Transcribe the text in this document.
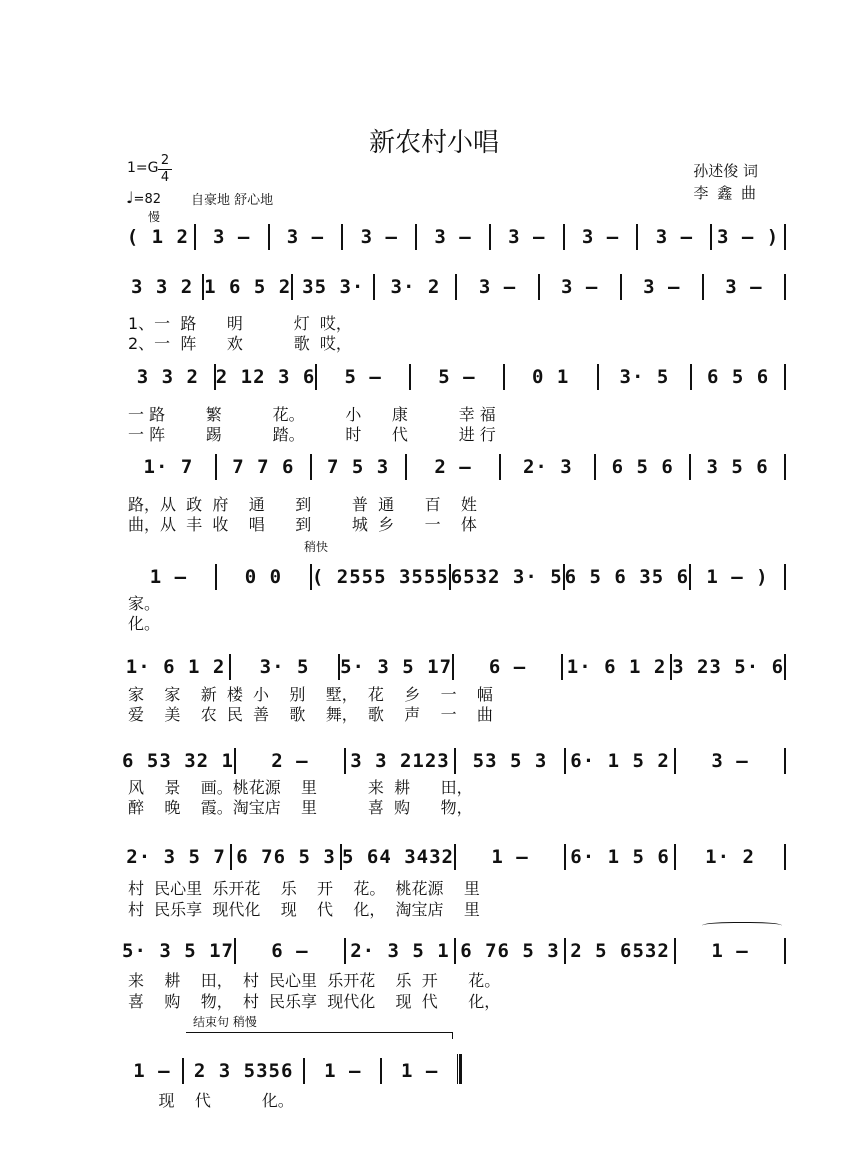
新农村小唱
1=G 2
4
♩=82 自豪地 舒心地
孙述俊 词
李 鑫 曲
慢
稍快
结束句 稍慢
( 1 2	3 –	3 –	3 –	3 –	3 –	3 –	3 –	3 – )
3 3 2 1 6 5 2 35 3·	3· 2	3 –	3 –	3 –	3 –
1、一  路      明          灯  哎，
2、一  阵      欢          歌  哎，
3 3 2 2 12 3 6	5 –	5 –	0 1	3· 5	6 5 6
一 路        繁          花。        小      康          幸 福
一 阵        踢          踏。        时      代          进 行
1· 7	7 7 6	7 5 3	2 –	2· 3	6 5 6	3 5 6
路，从  政  府    通      到        普  通      百    姓
曲，从  丰  收    唱      到        城  乡      一    体
1 –	0 0	( 2555 3555 6532 3· 5 6 5 6 35 6 1 – )
家。
化。
1· 6 1 2	3· 5	5· 3 5 17	6 –	1· 6 1 2 3 23 5· 6
家    家    新  楼  小    别    墅，  花    乡    一    幅
爱    美    农  民  善    歌    舞，  歌    声    一    曲
6 53 32 1	2 –	3 3 2123	53 5 3	6· 1 5 2	3 –
风    景    画。桃花源    里          来  耕      田，
醉    晚    霞。淘宝店    里          喜  购      物，
2· 3 5 7 6 76 5 3 5 64 3432	1 –	6· 1 5 6	1· 2
村  民心里  乐开花    乐    开    花。  桃花源    里
村  民乐享  现代化    现    代    化，  淘宝店    里
5· 3 5 17	6 –	2· 3 5 1 6 76 5 3 2 5 6532	1 –
来    耕    田，  村  民心里  乐开花    乐  开      花。
喜    购    物，  村  民乐享  现代化    现  代      化，
1 –	2 3 5356	1 –	1 –
现    代          化。
